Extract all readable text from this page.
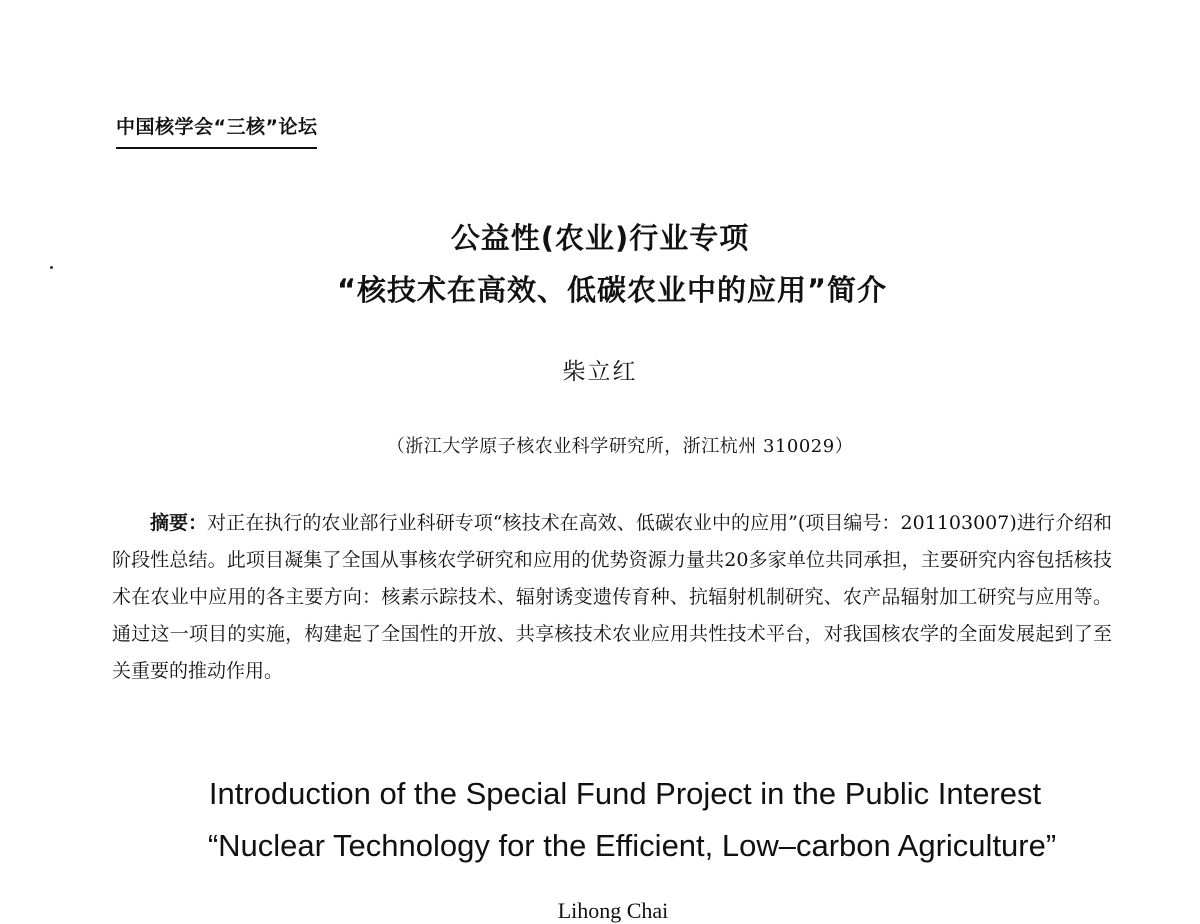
中国核学会“三核”论坛
公益性(农业)行业专项
“核技术在高效、低碳农业中的应用”简介
柴立红
（浙江大学原子核农业科学研究所，浙江杭州 310029）
摘要：对正在执行的农业部行业科研专项“核技术在高效、低碳农业中的应用”(项目编号：201103007)进行介绍和阶段性总结。此项目凝集了全国从事核农学研究和应用的优势资源力量共20多家单位共同承担，主要研究内容包括核技术在农业中应用的各主要方向：核素示踪技术、辐射诱变遗传育种、抗辐射机制研究、农产品辐射加工研究与应用等。通过这一项目的实施，构建起了全国性的开放、共享核技术农业应用共性技术平台，对我国核农学的全面发展起到了至关重要的推动作用。
Introduction of the Special Fund Project in the Public Interest
“Nuclear Technology for the Efficient, Low–carbon Agriculture”
Lihong Chai
